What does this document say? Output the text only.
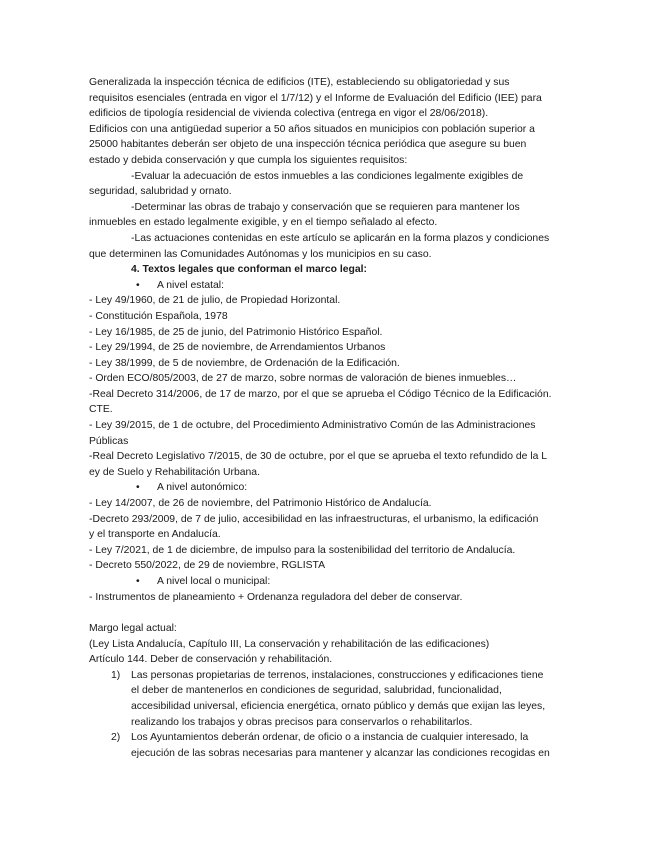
Generalizada la inspección técnica de edificios (ITE), estableciendo su obligatoriedad y sus
requisitos esenciales (entrada en vigor el 1/7/12) y el Informe de Evaluación del Edificio (IEE) para
edificios de tipología residencial de vivienda colectiva (entrega en vigor el 28/06/2018).
Edificios con una antigüedad superior a 50 años situados en municipios con población superior a
25000 habitantes deberán ser objeto de una inspección técnica periódica que asegure su buen
estado y debida conservación y que cumpla los siguientes requisitos:
-Evaluar la adecuación de estos inmuebles a las condiciones legalmente exigibles de
seguridad, salubridad y ornato.
-Determinar las obras de trabajo y conservación que se requieren para mantener los
inmuebles en estado legalmente exigible, y en el tiempo señalado al efecto.
-Las actuaciones contenidas en este artículo se aplicarán en la forma plazos y condiciones
que determinen las Comunidades Autónomas y los municipios en su caso.
4. Textos legales que conforman el marco legal:
• A nivel estatal:
- Ley 49/1960, de 21 de julio, de Propiedad Horizontal.
- Constitución Española, 1978
- Ley 16/1985, de 25 de junio, del Patrimonio Histórico Español.
- Ley 29/1994, de 25 de noviembre, de Arrendamientos Urbanos
- Ley 38/1999, de 5 de noviembre, de Ordenación de la Edificación.
- Orden ECO/805/2003, de 27 de marzo, sobre normas de valoración de bienes inmuebles…
-Real Decreto 314/2006, de 17 de marzo, por el que se aprueba el Código Técnico de la Edificación.
CTE.
- Ley 39/2015, de 1 de octubre, del Procedimiento Administrativo Común de las Administraciones
Públicas
-Real Decreto Legislativo 7/2015, de 30 de octubre, por el que se aprueba el texto refundido de la L
ey de Suelo y Rehabilitación Urbana.
• A nivel autonómico:
- Ley 14/2007, de 26 de noviembre, del Patrimonio Histórico de Andalucía.
-Decreto 293/2009, de 7 de julio, accesibilidad en las infraestructuras, el urbanismo, la edificación
y el transporte en Andalucía.
- Ley 7/2021, de 1 de diciembre, de impulso para la sostenibilidad del territorio de Andalucía.
- Decreto 550/2022, de 29 de noviembre, RGLISTA
• A nivel local o municipal:
- Instrumentos de planeamiento + Ordenanza reguladora del deber de conservar.
Margo legal actual:
(Ley Lista Andalucía, Capítulo III, La conservación y rehabilitación de las edificaciones)
Artículo 144. Deber de conservación y rehabilitación.
1) Las personas propietarias de terrenos, instalaciones, construcciones y edificaciones tiene
el deber de mantenerlos en condiciones de seguridad, salubridad, funcionalidad,
accesibilidad universal, eficiencia energética, ornato público y demás que exijan las leyes,
realizando los trabajos y obras precisos para conservarlos o rehabilitarlos.
2) Los Ayuntamientos deberán ordenar, de oficio o a instancia de cualquier interesado, la
ejecución de las sobras necesarias para mantener y alcanzar las condiciones recogidas en
